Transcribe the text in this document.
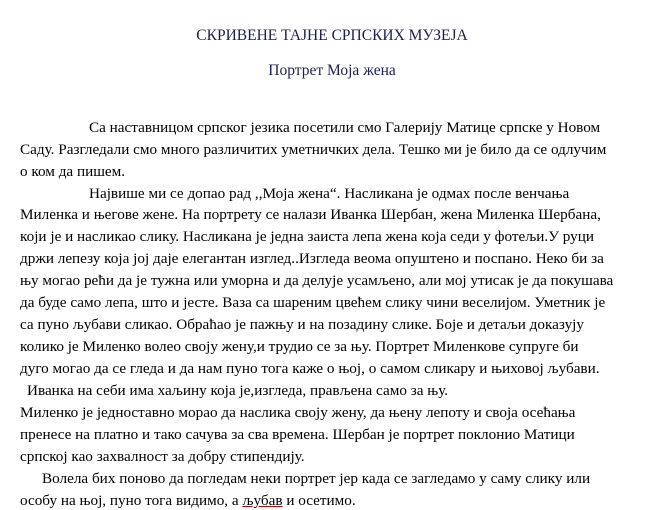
СКРИВЕНЕ ТАЈНЕ СРПСКИХ МУЗЕЈА
Портрет Моја жена
Са наставницом српског језика посетили смо Галерију Матице српске у Новом
Саду. Разгледали смо много различитих уметничких дела. Тешко ми је било да се одлучим
о ком да пишем.
Највише ми се допао рад ,,Моја жена“. Насликана је одмах после венчања
Миленка и његове жене. На портрету се налази Иванка Шербан, жена Миленка Шербана,
који је и насликао слику. Насликана је једна заиста лепа жена која седи у фотељи.У руци
држи лепезу која јој даје елегантан изглед..Изгледа веома опуштено и поспано. Неко би за
њу могао рећи да је тужна или уморна и да делује усамљено, али мој утисак је да покушава
да буде само лепа, што и јесте. Ваза са шареним цвећем слику чини веселијом. Уметник је
са пуно љубави сликао. Обраћао је пажњу и на позадину слике. Боје и детаљи доказују
колико је Миленко волео своју жену,и трудио се за њу. Портрет Миленкове супруге би
дуго могао да се гледа и да нам пуно тога каже о њој, о самом сликару и њиховој љубави.
Иванка на себи има хаљину која је,изгледа, прављена само за њу.
Миленко је једноставно морао да наслика своју жену, да њену лепоту и своја осећања
пренесе на платно и тако сачува за сва времена. Шербан је портрет поклонио Матици
српској као захвалност за добру стипендију.
Волела бих поново да погледам неки портрет јер када се загледамо у саму слику или
особу на њој, пуно тога видимо, а љубав и осетимо.
